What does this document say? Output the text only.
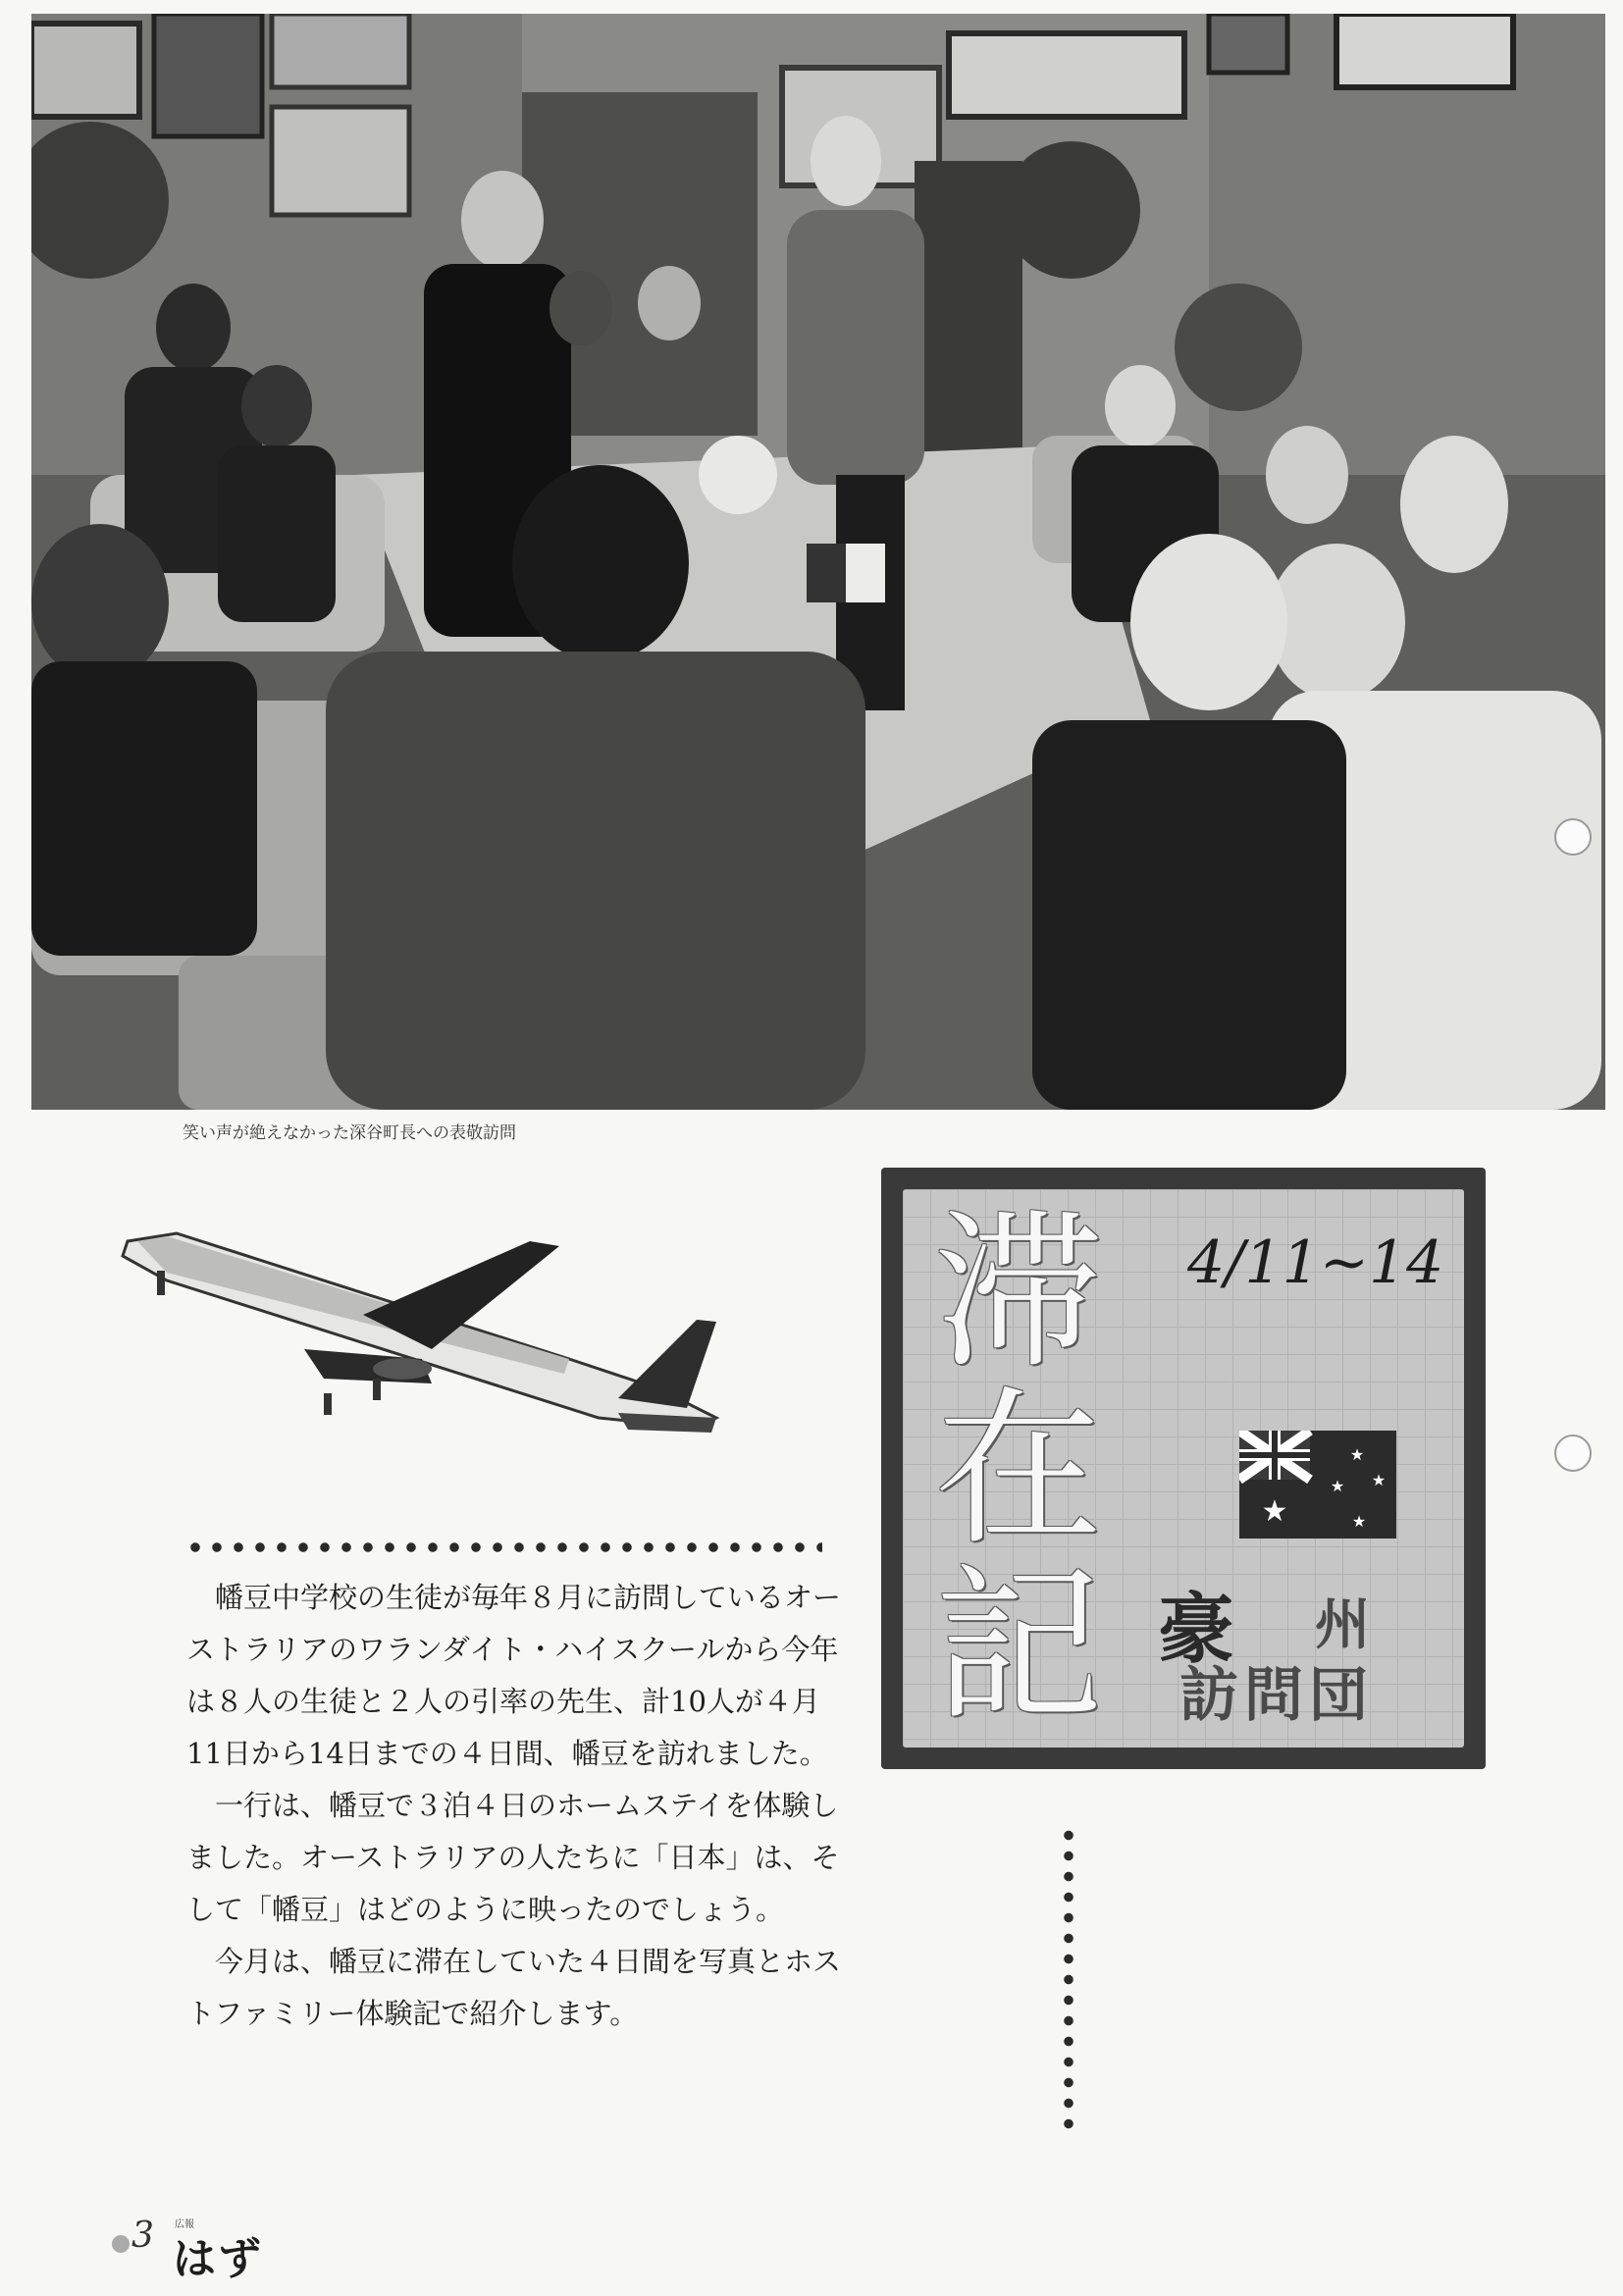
笑い声が絶えなかった深谷町長への表敬訪問

幡豆中学校の生徒が毎年８月に訪問しているオーストラリアのワランダイト・ハイスクールから今年は８人の生徒と２人の引率の先生、計10人が４月11日から14日までの４日間、幡豆を訪れました。

一行は、幡豆で３泊４日のホームステイを体験しました。オーストラリアの人たちに「日本」は、そして「幡豆」はどのように映ったのでしょう。

今月は、幡豆に滞在していた４日間を写真とホストファミリー体験記で紹介します。

滞
在
記
4/11~14
★
★
★ ★
★
豪 州
訪問団
3 広報
はず
